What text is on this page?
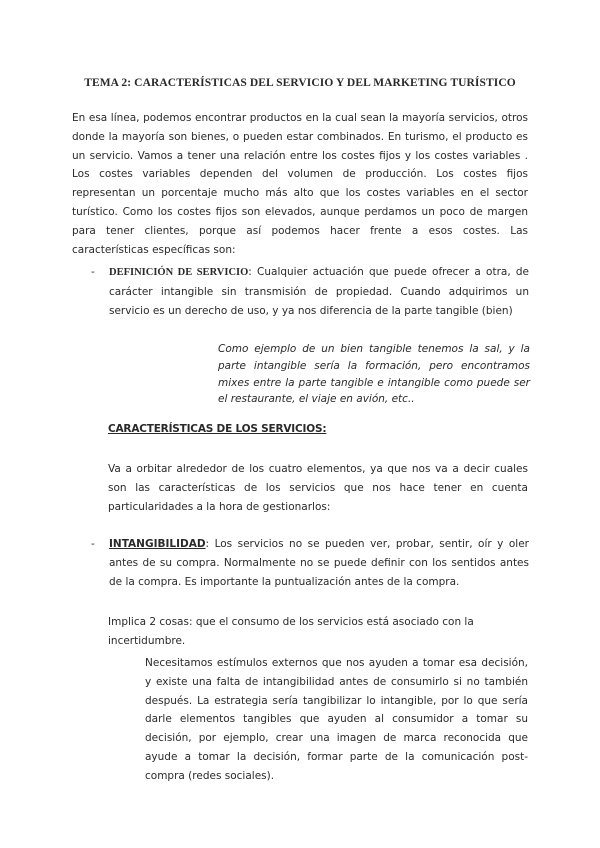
TEMA 2: CARACTERÍSTICAS DEL SERVICIO Y DEL MARKETING TURÍSTICO

En esa línea, podemos encontrar productos en la cual sean la mayoría servicios, otros donde la mayoría son bienes, o pueden estar combinados. En turismo, el producto es un servicio. Vamos a tener una relación entre los costes fijos y los costes variables . Los costes variables dependen del volumen de producción. Los costes fijos representan un porcentaje mucho más alto que los costes variables en el sector turístico. Como los costes fijos son elevados, aunque perdamos un poco de margen para tener clientes, porque así podemos hacer frente a esos costes. Las características específicas son:

- DEFINICIÓN DE SERVICIO: Cualquier actuación que puede ofrecer a otra, de carácter intangible sin transmisión de propiedad. Cuando adquirimos un servicio es un derecho de uso, y ya nos diferencia de la parte tangible (bien)

Como ejemplo de un bien tangible tenemos la sal, y la parte intangible sería la formación, pero encontramos mixes entre la parte tangible e intangible como puede ser el restaurante, el viaje en avión, etc..

CARACTERÍSTICAS DE LOS SERVICIOS:

Va a orbitar alrededor de los cuatro elementos, ya que nos va a decir cuales son las características de los servicios que nos hace tener en cuenta particularidades a la hora de gestionarlos:

- INTANGIBILIDAD: Los servicios no se pueden ver, probar, sentir, oír y oler antes de su compra. Normalmente no se puede definir con los sentidos antes de la compra. Es importante la puntualización antes de la compra.

Implica 2 cosas: que el consumo de los servicios está asociado con la incertidumbre.

Necesitamos estímulos externos que nos ayuden a tomar esa decisión, y existe una falta de intangibilidad antes de consumirlo si no también después. La estrategia sería tangibilizar lo intangible, por lo que sería darle elementos tangibles que ayuden al consumidor a tomar su decisión, por ejemplo, crear una imagen de marca reconocida que ayude a tomar la decisión, formar parte de la comunicación post-compra (redes sociales).
